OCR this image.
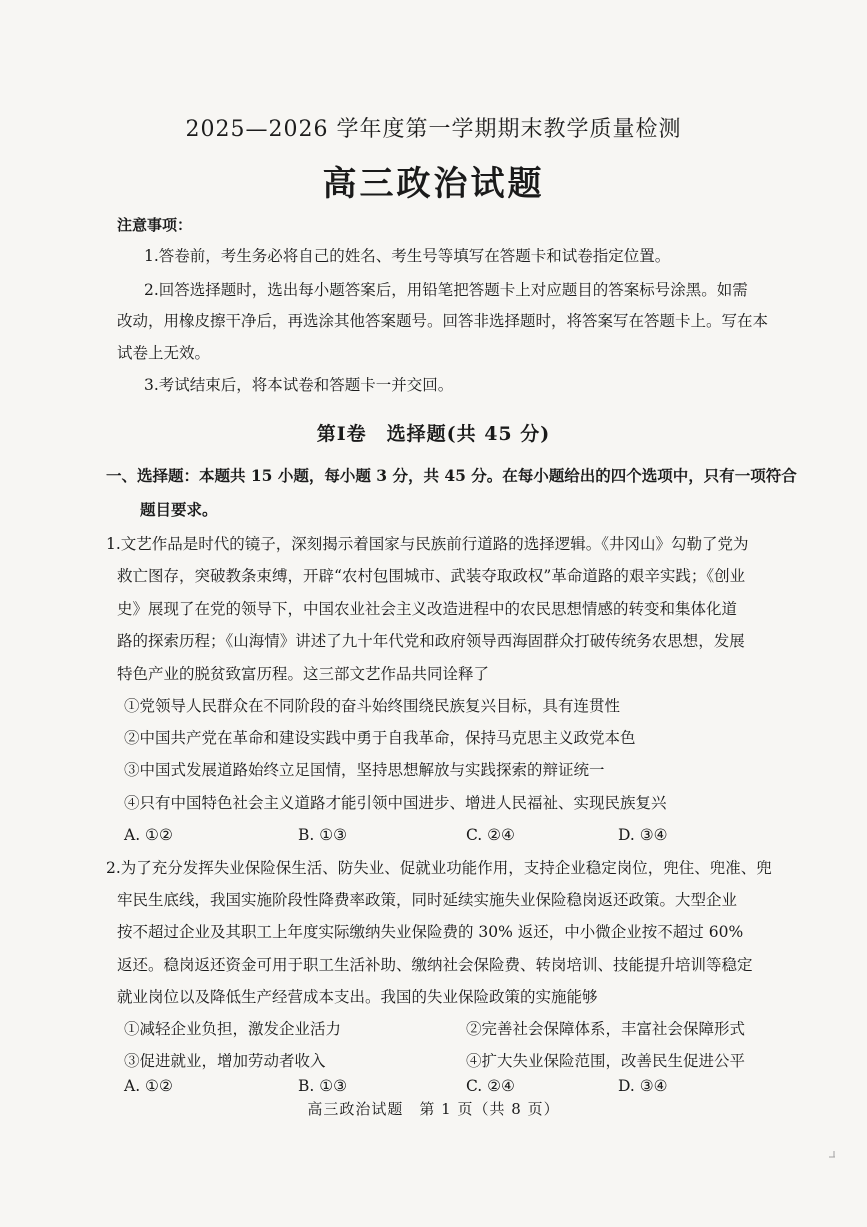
2025—2026 学年度第一学期期末教学质量检测
高三政治试题
注意事项：
1.答卷前，考生务必将自己的姓名、考生号等填写在答题卡和试卷指定位置。
2.回答选择题时，选出每小题答案后，用铅笔把答题卡上对应题目的答案标号涂黑。如需
改动，用橡皮擦干净后，再选涂其他答案题号。回答非选择题时，将答案写在答题卡上。写在本
试卷上无效。
3.考试结束后，将本试卷和答题卡一并交回。
第Ⅰ卷　选择题(共 45 分)
一、选择题：本题共 15 小题，每小题 3 分，共 45 分。在每小题给出的四个选项中，只有一项符合
题目要求。
1.文艺作品是时代的镜子，深刻揭示着国家与民族前行道路的选择逻辑。《井冈山》勾勒了党为
救亡图存，突破教条束缚，开辟“农村包围城市、武装夺取政权”革命道路的艰辛实践；《创业
史》展现了在党的领导下，中国农业社会主义改造进程中的农民思想情感的转变和集体化道
路的探索历程；《山海情》讲述了九十年代党和政府领导西海固群众打破传统务农思想，发展
特色产业的脱贫致富历程。这三部文艺作品共同诠释了
①党领导人民群众在不同阶段的奋斗始终围绕民族复兴目标，具有连贯性
②中国共产党在革命和建设实践中勇于自我革命，保持马克思主义政党本色
③中国式发展道路始终立足国情，坚持思想解放与实践探索的辩证统一
④只有中国特色社会主义道路才能引领中国进步、增进人民福祉、实现民族复兴
A. ①②	B. ①③	C. ②④	D. ③④
2.为了充分发挥失业保险保生活、防失业、促就业功能作用，支持企业稳定岗位，兜住、兜准、兜
牢民生底线，我国实施阶段性降费率政策，同时延续实施失业保险稳岗返还政策。大型企业
按不超过企业及其职工上年度实际缴纳失业保险费的 30% 返还，中小微企业按不超过 60%
返还。稳岗返还资金可用于职工生活补助、缴纳社会保险费、转岗培训、技能提升培训等稳定
就业岗位以及降低生产经营成本支出。我国的失业保险政策的实施能够
①减轻企业负担，激发企业活力	②完善社会保障体系，丰富社会保障形式
③促进就业，增加劳动者收入	④扩大失业保险范围，改善民生促进公平
A. ①②	B. ①③	C. ②④	D. ③④
高三政治试题　第 1 页（共 8 页）
